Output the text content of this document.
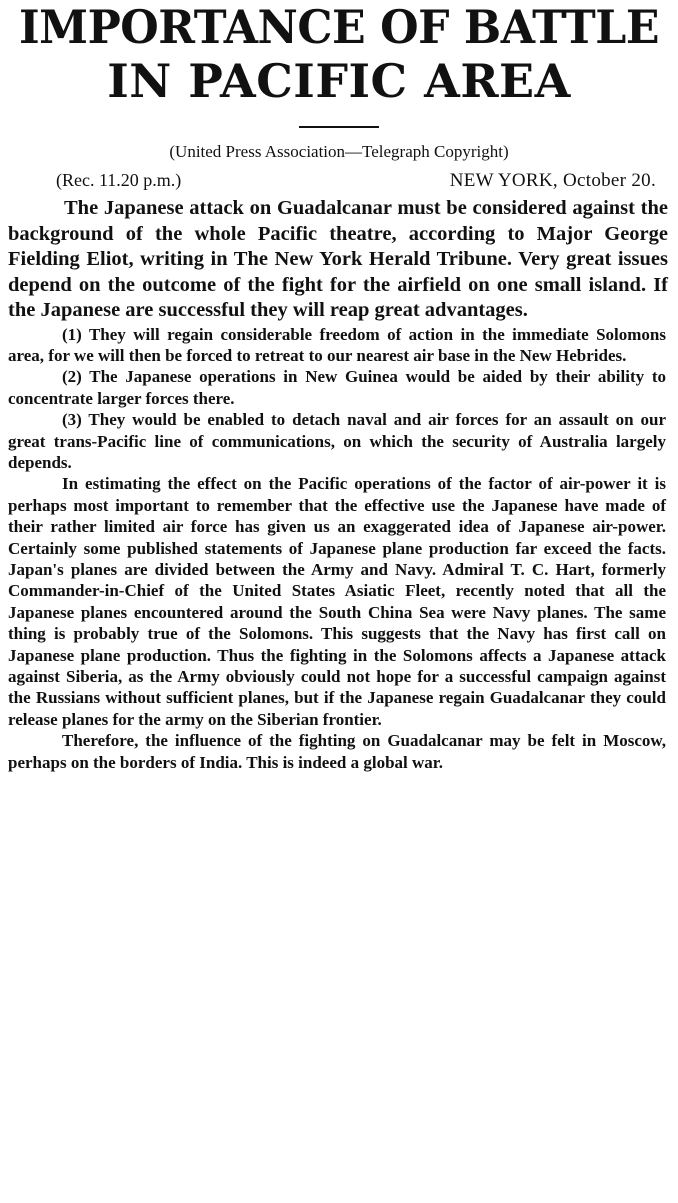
IMPORTANCE OF BATTLE
IN PACIFIC AREA

(United Press Association—Telegraph Copyright)

(Rec. 11.20 p.m.)	NEW YORK, October 20.

The Japanese attack on Guadalcanar must be considered against the background of the whole Pacific theatre, according to Major George Fielding Eliot, writing in The New York Herald Tribune. Very great issues depend on the outcome of the fight for the airfield on one small island. If the Japanese are successful they will reap great advantages.

(1) They will regain considerable freedom of action in the immediate Solomons area, for we will then be forced to retreat to our nearest air base in the New Hebrides.

(2) The Japanese operations in New Guinea would be aided by their ability to concentrate larger forces there.

(3) They would be enabled to detach naval and air forces for an assault on our great trans-Pacific line of communications, on which the security of Australia largely depends.

In estimating the effect on the Pacific operations of the factor of air-power it is perhaps most important to remember that the effective use the Japanese have made of their rather limited air force has given us an exaggerated idea of Japanese air-power. Certainly some published statements of Japanese plane production far exceed the facts. Japan's planes are divided between the Army and Navy. Admiral T. C. Hart, formerly Commander-in-Chief of the United States Asiatic Fleet, recently noted that all the Japanese planes encountered around the South China Sea were Navy planes. The same thing is probably true of the Solomons. This suggests that the Navy has first call on Japanese plane production. Thus the fighting in the Solomons affects a Japanese attack against Siberia, as the Army obviously could not hope for a successful campaign against the Russians without sufficient planes, but if the Japanese regain Guadalcanar they could release planes for the army on the Siberian frontier.

Therefore, the influence of the fighting on Guadalcanar may be felt in Moscow, perhaps on the borders of India. This is indeed a global war.
